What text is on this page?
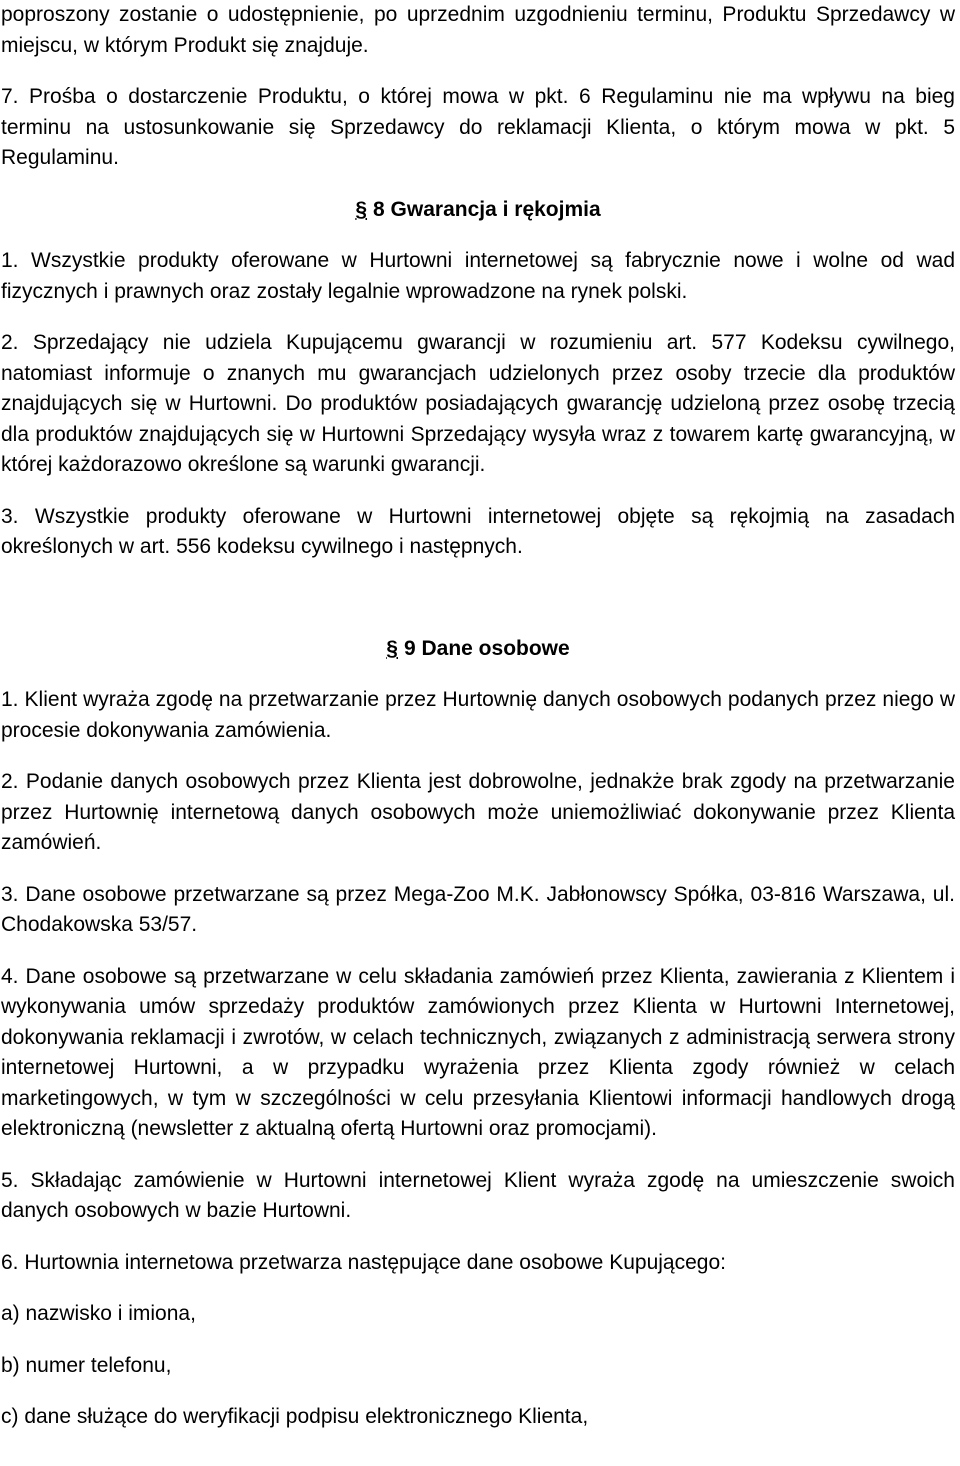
poproszony zostanie o udostępnienie, po uprzednim uzgodnieniu terminu, Produktu Sprzedawcy w miejscu, w którym Produkt się znajduje.

7. Prośba o dostarczenie Produktu, o której mowa w pkt. 6 Regulaminu nie ma wpływu na bieg terminu na ustosunkowanie się Sprzedawcy do reklamacji Klienta, o którym mowa w pkt. 5 Regulaminu.

§ 8 Gwarancja i rękojmia

1. Wszystkie produkty oferowane w Hurtowni internetowej są fabrycznie nowe i wolne od wad fizycznych i prawnych oraz zostały legalnie wprowadzone na rynek polski.

2. Sprzedający nie udziela Kupującemu gwarancji w rozumieniu art. 577 Kodeksu cywilnego, natomiast informuje o znanych mu gwarancjach udzielonych przez osoby trzecie dla produktów znajdujących się w Hurtowni. Do produktów posiadających gwarancję udzieloną przez osobę trzecią dla produktów znajdujących się w Hurtowni Sprzedający wysyła wraz z towarem kartę gwarancyjną, w której każdorazowo określone są warunki gwarancji.

3. Wszystkie produkty oferowane w Hurtowni internetowej objęte są rękojmią na zasadach określonych w art. 556 kodeksu cywilnego i następnych.

§ 9 Dane osobowe

1. Klient wyraża zgodę na przetwarzanie przez Hurtownię danych osobowych podanych przez niego w procesie dokonywania zamówienia.

2. Podanie danych osobowych przez Klienta jest dobrowolne, jednakże brak zgody na przetwarzanie przez Hurtownię internetową danych osobowych może uniemożliwiać dokonywanie przez Klienta zamówień.

3. Dane osobowe przetwarzane są przez Mega-Zoo M.K. Jabłonowscy Spółka, 03-816 Warszawa, ul. Chodakowska 53/57.

4. Dane osobowe są przetwarzane w celu składania zamówień przez Klienta, zawierania z Klientem i wykonywania umów sprzedaży produktów zamówionych przez Klienta w Hurtowni Internetowej, dokonywania reklamacji i zwrotów, w celach technicznych, związanych z administracją serwera strony internetowej Hurtowni, a w przypadku wyrażenia przez Klienta zgody również w celach marketingowych, w tym w szczególności w celu przesyłania Klientowi informacji handlowych drogą elektroniczną (newsletter z aktualną ofertą Hurtowni oraz promocjami).

5. Składając zamówienie w Hurtowni internetowej Klient wyraża zgodę na umieszczenie swoich danych osobowych w bazie Hurtowni.

6. Hurtownia internetowa przetwarza następujące dane osobowe Kupującego:

a) nazwisko i imiona,

b) numer telefonu,

c) dane służące do weryfikacji podpisu elektronicznego Klienta,
